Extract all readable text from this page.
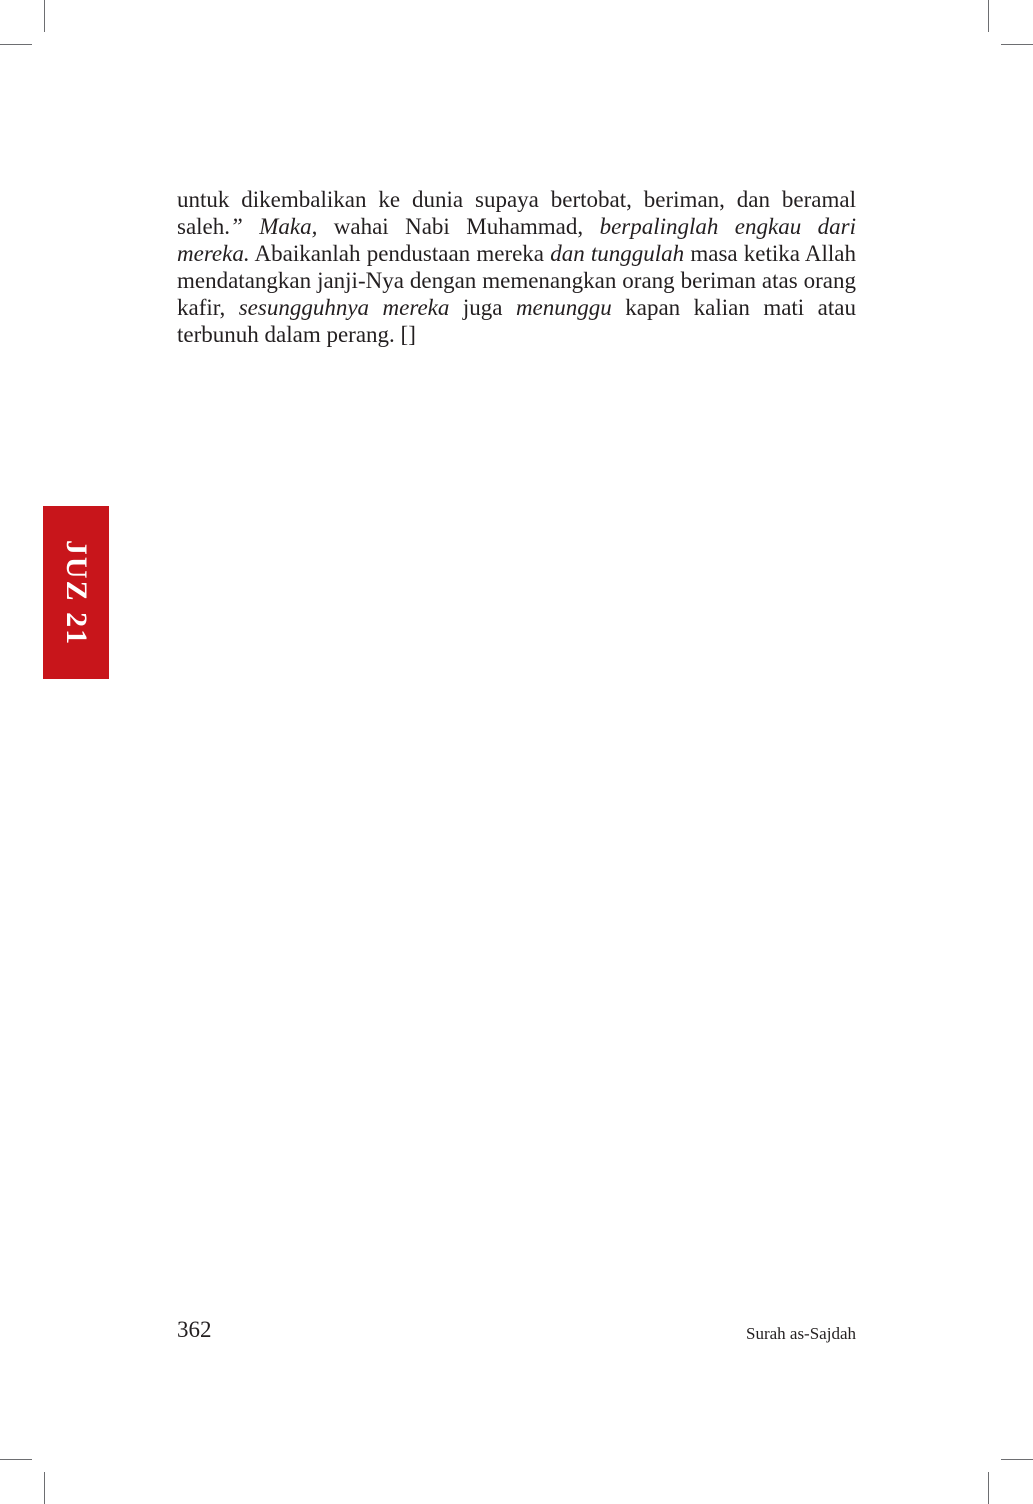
untuk dikembalikan ke dunia supaya bertobat, beriman, dan beramal saleh.” Maka, wahai Nabi Muhammad, berpalinglah engkau dari mereka. Abaikanlah pendustaan mereka dan tunggulah masa ketika Allah mendatangkan janji-Nya dengan memenangkan orang beriman atas orang kafir, sesungguhnya mereka juga menunggu kapan kalian mati atau terbunuh dalam perang. []

JUZ 21
362	Surah as-Sajdah
